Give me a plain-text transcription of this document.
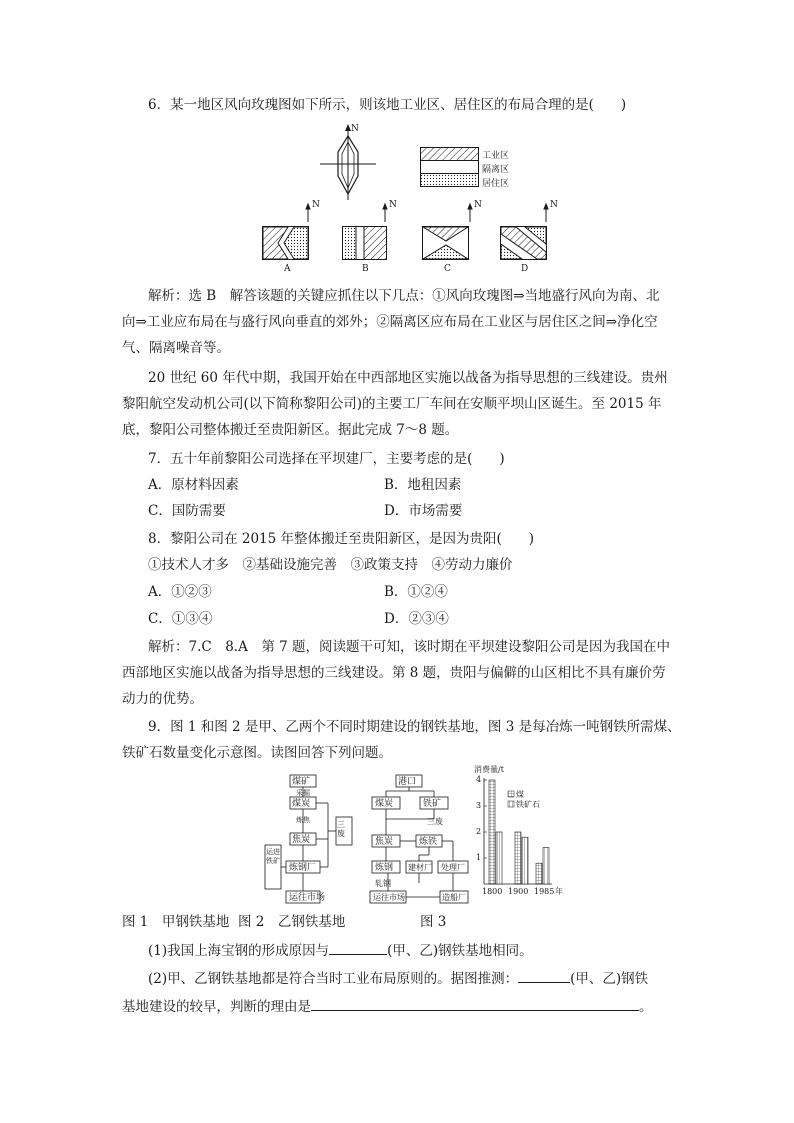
6．某一地区风向玫瑰图如下所示，则该地工业区、居住区的布局合理的是(　　)
N
工业区
隔离区
居住区
N	N	N	N
A	B	C	D
解析：选 B　解答该题的关键应抓住以下几点：①风向玫瑰图⇒当地盛行风向为南、北
向⇒工业应布局在与盛行风向垂直的郊外；②隔离区应布局在工业区与居住区之间⇒净化空
气、隔离噪音等。
20 世纪 60 年代中期，我国开始在中西部地区实施以战备为指导思想的三线建设。贵州
黎阳航空发动机公司(以下简称黎阳公司)的主要工厂车间在安顺平坝山区诞生。至 2015 年
底，黎阳公司整体搬迁至贵阳新区。据此完成 7～8 题。
7．五十年前黎阳公司选择在平坝建厂，主要考虑的是(　　)
A．原材料因素	B．地租因素
C．国防需要	D．市场需要
8．黎阳公司在 2015 年整体搬迁至贵阳新区，是因为贵阳(　　)
①技术人才多　②基础设施完善　③政策支持　④劳动力廉价
A．①②③	B．①②④
C．①③④	D．②③④
解析：7.C　8.A　第 7 题，阅读题干可知，该时期在平坝建设黎阳公司是因为我国在中
西部地区实施以战备为指导思想的三线建设。第 8 题，贵阳与偏僻的山区相比不具有廉价劳
动力的优势。
9．图 1 和图 2 是甲、乙两个不同时期建设的钢铁基地，图 3 是每冶炼一吨钢铁所需煤、
铁矿石数量变化示意图。读图回答下列问题。
煤矿
采掘
煤炭
炼焦
焦炭
三废
运进铁矿
炼钢厂
运往市场
港口
煤炭	铁矿
焦炭	炼铁
三废
炼钢 建材厂 处理厂
轧钢
运往市场	造船厂
消费量/t
煤
铁矿石
4
3
2
1
1800 1900 1985 年
图 1　甲钢铁基地 图 2　乙钢铁基地	图 3
(1)我国上海宝钢的形成原因与	(甲、乙)钢铁基地相同。
(2)甲、乙钢铁基地都是符合当时工业布局原则的。据图推测：	(甲、乙)钢铁
基地建设的较早，判断的理由是	。
